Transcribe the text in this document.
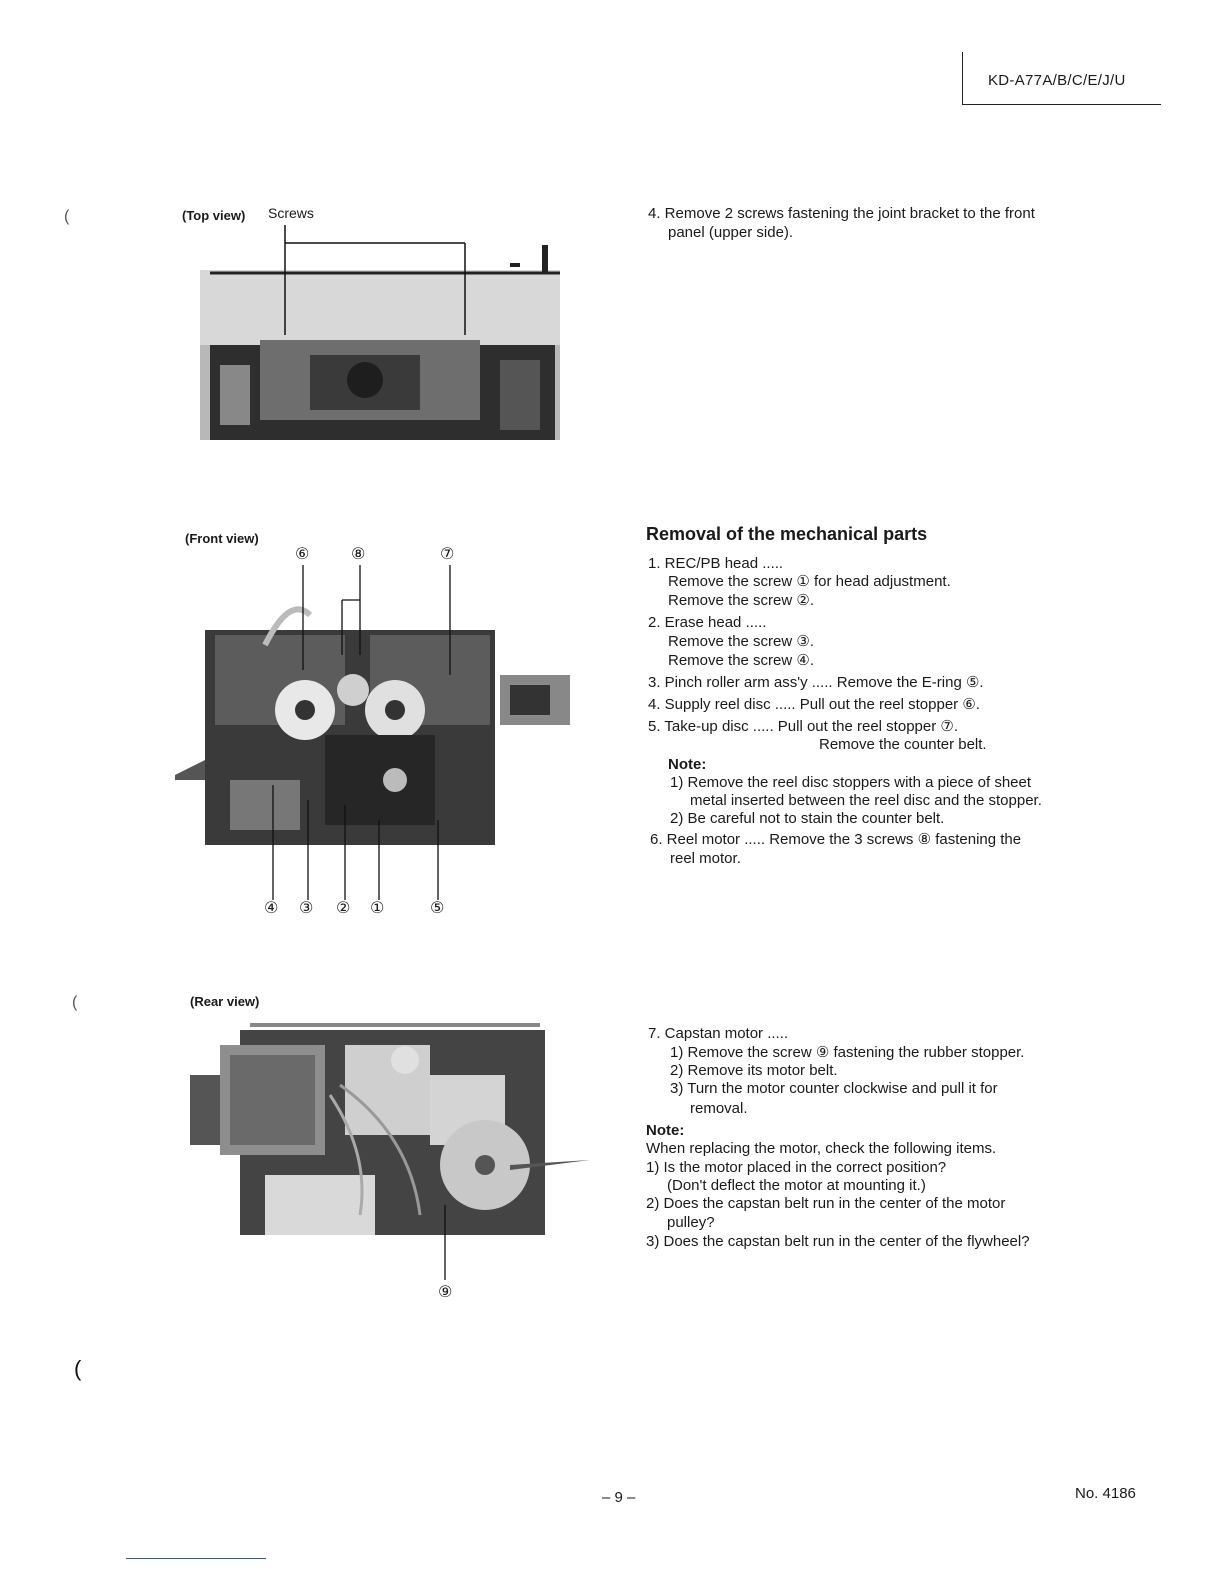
KD-A77A/B/C/E/J/U
(
(
(
(Top view) Screws	4. Remove 2 screws fastening the joint bracket to the front
panel (upper side).
(Front view)
⑥	⑧	⑦
④ ③ ② ①	⑤
Removal of the mechanical parts
1. REC/PB head .....
Remove the screw ① for head adjustment.
Remove the screw ②.
2. Erase head .....
Remove the screw ③.
Remove the screw ④.
3. Pinch roller arm ass'y ..... Remove the E-ring ⑤.
4. Supply reel disc ..... Pull out the reel stopper ⑥.
5. Take-up disc ..... Pull out the reel stopper ⑦.
Remove the counter belt.
Note:
1) Remove the reel disc stoppers with a piece of sheet
metal inserted between the reel disc and the stopper.
2) Be careful not to stain the counter belt.
6. Reel motor ..... Remove the 3 screws ⑧ fastening the
reel motor.
(Rear view)
⑨
7. Capstan motor .....
1) Remove the screw ⑨ fastening the rubber stopper.
2) Remove its motor belt.
3) Turn the motor counter clockwise and pull it for
removal.
Note:
When replacing the motor, check the following items.
1) Is the motor placed in the correct position?
(Don't deflect the motor at mounting it.)
2) Does the capstan belt run in the center of the motor
pulley?
3) Does the capstan belt run in the center of the flywheel?
– 9 –	No. 4186
